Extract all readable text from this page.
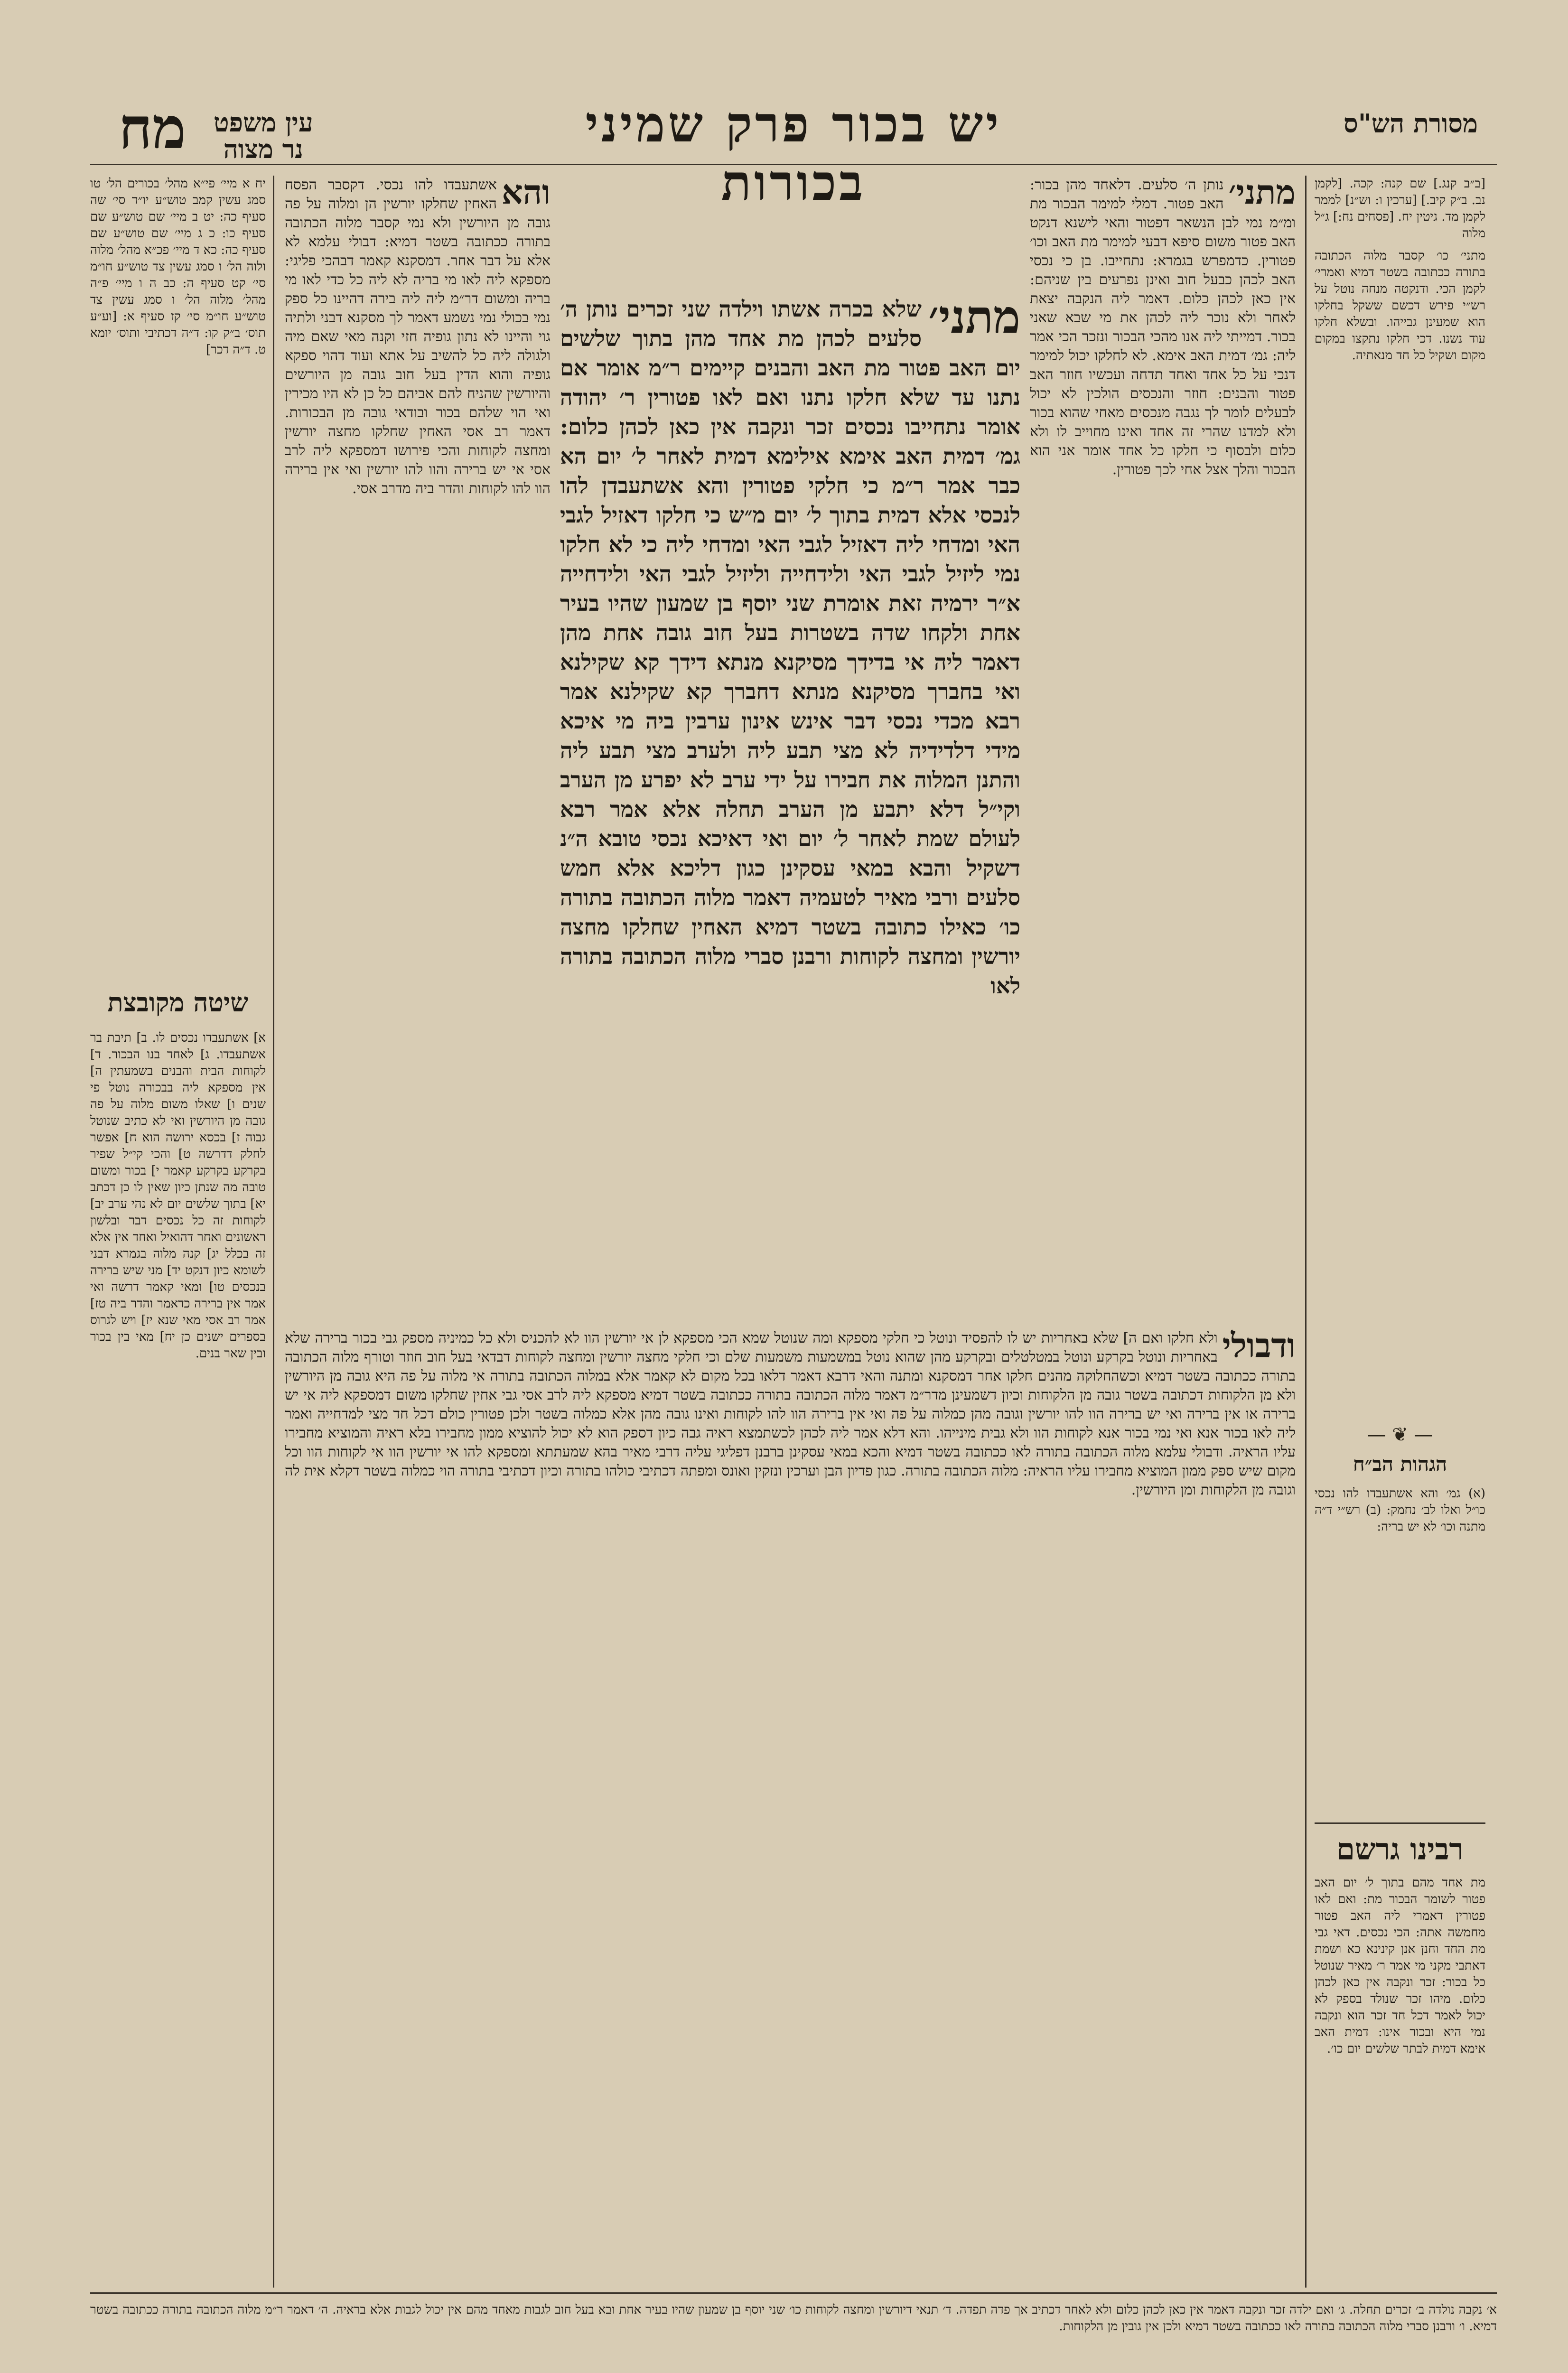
מח	עין משפט
נר מצוה	יש בכור פרק שמיני בכורות
מסורת הש"ס

יח א מיי׳ פי״א מהל׳ בכורים הל׳ טו סמג עשין קמב טוש״ע יו״ד סי׳ שה סעיף כה: יט ב מיי׳ שם טוש״ע שם סעיף כו: כ ג מיי׳ שם טוש״ע שם סעיף כה: כא ד מיי׳ פכ״א מהל׳ מלוה ולוה הל׳ ו סמג עשין צד טוש״ע חו״מ סי׳ קט סעיף ה: כב ה ו מיי׳ פ״ה מהל׳ מלוה הל׳ ו סמג עשין צד טוש״ע חו״מ סי׳ קז סעיף א: [וע״ע תוס׳ ב״ק קו: ד״ה דכתיבי ותוס׳ יומא ט. ד״ה דכר]

שיטה מקובצת

א] אשתעבדו נכסים לו. ב] תיבת בר אשתעבדו. ג] לאחד בנו הבכור. ד] לקוחות הבית והבנים בשמעתין ה] אין מספקא ליה בבכורה נוטל פי שנים ו] שאלו משום מלוה על פה גובה מן היורשין ואי לא כתיב שנוטל גבוה ז] בכסא ירושה הוא ח] אפשר לחלק דדרשה ט] והכי קי״ל שפיר בקרקע בקרקע קאמר י] בכור ומשום טובה מה שנתן כיון שאין לו כן דכתב יא] בתוך שלשים יום לא נהי ערב יב] לקוחות זה כל נכסים דבר ובלשון ראשונים ואחר דהואיל ואחד אין אלא זה בכלל יג] קנה מלוה בגמרא דבני לשומא כיון דנקט יד] מני שיש ברירה בנכסים טו] ומאי קאמר דרשה ואי אמר אין ברירה כדאמר והדר ביה טז] אמר רב אסי מאי שנא יז] ויש לגרוס בספרים ישנים כן יח] מאי בין בכור ובין שאר בנים.

והא

אשתעבדו להו נכסי. דקסבר הפסח האחין שחלקו יורשין הן ומלוה על פה גובה מן היורשין ולא נמי קסבר מלוה הכתובה בתורה ככתובה בשטר דמיא: דבולי עלמא לא אלא על דבר אחר. דמסקנא קאמר דבהכי פליגי: מספקא ליה לאו מי בריה לא ליה כל כדי לאו מי בריה ומשום דר״מ ליה ליה בירה דהיינו כל ספק נמי בכולי נמי נשמע דאמר לך מסקנא דבני ולתיה גוי והיינו לא נתון גופיה חזי וקנה מאי שאם מיה ולגולה ליה כל להשיב על אתא ועוד דהוי ספקא גופיה והוא הדין בעל חוב גובה מן היורשים והיורשין שהניח להם אביהם כל כן לא היו מכירין ואי הוי שלהם בכור ובודאי גובה מן הבכורות. דאמר רב אסי האחין שחלקו מחצה יורשין ומחצה לקוחות והכי פירושו דמספקא ליה לרב אסי אי יש ברירה והוו להו יורשין ואי אין ברירה הוו להו לקוחות והדר ביה מדרב אסי.

מתני׳

שלא בכרה אשתו וילדה שני זכרים נותן ה׳ סלעים לכהן מת אחד מהן בתוך שלשים יום האב פטור מת האב והבנים קיימים ר״מ אומר אם נתנו עד שלא חלקו נתנו ואם לאו פטורין ר׳ יהודה אומר נתחייבו נכסים זכר ונקבה אין כאן לכהן כלום: גמ׳ דמית האב אימא אילימא דמית לאחר ל׳ יום הא כבר אמר ר״מ כי חלקי פטורין והא אשתעבדן להו לנכסי אלא דמית בתוך ל׳ יום מ״ש כי חלקו דאזיל לגבי האי ומדחי ליה דאזיל לגבי האי ומדחי ליה כי לא חלקו נמי ליזיל לגבי האי ולידחייה וליזיל לגבי האי ולידחייה א״ר ירמיה זאת אומרת שני יוסף בן שמעון שהיו בעיר אחת ולקחו שדה בשטרות בעל חוב גובה אחת מהן דאמר ליה אי בדידך מסיקנא מנתא דידך קא שקילנא ואי בחברך מסיקנא מנתא דחברך קא שקילנא אמר רבא מכדי נכסי דבר אינש אינון ערבין ביה מי איכא מידי דלדידיה לא מצי תבע ליה ולערב מצי תבע ליה והתנן המלוה את חבירו על ידי ערב לא יפרע מן הערב וקי״ל דלא יתבע מן הערב תחלה אלא אמר רבא לעולם שמת לאחר ל׳ יום ואי דאיכא נכסי טובא ה״נ דשקיל והבא במאי עסקינן כגון דליכא אלא חמש סלעים ורבי מאיר לטעמיה דאמר מלוה הכתובה בתורה כו׳ כאילו כתובה בשטר דמיא האחין שחלקו מחצה יורשין ומחצה לקוחות ורבנן סברי מלוה הכתובה בתורה לאו

מתני׳

נותן ה׳ סלעים. דלאחד מהן בכור: האב פטור. דמלי למימר הבכור מת ומ״מ נמי לבן הנשאר דפטור והאי לישנא דנקט האב פטור משום סיפא דבעי למימר מת האב וכו׳ פטורין. כדמפרש בגמרא: נתחייבו. בן כי נכסי האב לכהן כבעל חוב ואינן נפרעים בין שניהם: אין כאן לכהן כלום. דאמר ליה הנקבה יצאת לאחר ולא נוכר ליה לכהן את מי שבא שאני בכור. דמייתי ליה אנו מהכי הבכור ונזכר הכי אמר ליה: גמ׳ דמית האב אימא. לא לחלקו יכול למימר דנכי על כל אחד ואחד תדחה ועכשיו חוזר האב פטור והבנים: חוזר והנכסים הולכין לא יכול לבעלים לומר לך נגבה מנכסים מאחי שהוא בכור ולא למדנו שהרי זה אחד ואינו מחוייב לו ולא כלום ולבסוף כי חלקו כל אחד אומר אני הוא הבכור והלך אצל אחי לכך פטורין.

[ב״ב קנג.] שם קנה: קכה. [לקמן נב. ב״ק קיב.] [ערכין ו: וש״נ] לממר לקמן מד. גיטין יח. [פסחים נח:] ג״ל מלוה

מתני׳ כו׳ קסבר מלוה הכתובה בתורה ככתובה בשטר דמיא ואמרי׳ לקמן הכי. ודנקטה מנחה נוטל על רש״י פירש דכשם ששקל בחלקו הוא שמעינן גבייהו. ובשלא חלקו עוד נשנו. דכי חלקו נתקצו במקום מקום ושקיל כל חד מנאתיה.

— ❦ —
הגהות הב״ח

(א) גמ׳ והא אשתעבדו להו נכסי כו״ל ואלו לב׳ נחמק: (ב) רש״י ד״ה מתנה וכו׳ לא יש בריה:

רבינו גרשם

מת אחד מהם בתוך ל׳ יום האב פטור לשומר הבכור מת: ואם לאו פטורין דאמרי ליה האב פטור מחמשה אתה: הכי נכסים. דאי גבי מת החד וחנן אנן קינינא כא ושמת דאתבי מקני מי אמר ר׳ מאיר שנוטל כל בכור: זכר ונקבה אין כאן לכהן כלום. מיהו זכר שנולד בספק לא יכול לאמר דכל חד זכר הוא ונקבה נמי היא ובכור אינו: דמית האב אימא דמית לבתר שלשים יום כו׳.

ודבולי

ולא חלקו ואם ה] שלא באחריות יש לו להפסיד ונוטל כי חלקי מספקא ומה שנוטל שמא הכי מספקא לן אי יורשין הוו לא להכניס ולא כל כמיניה מספק גבי בכור ברירה שלא באחריות ונוטל בקרקע ונוטל במטלטלים ובקרקע מהן שהוא נוטל במשמעות משמעות שלם וכי חלקי מחצה יורשין ומחצה לקוחות דבדאי בעל חוב חוזר וטורף מלוה הכתובה בתורה ככתובה בשטר דמיא וכשהחלוקה מהנים חלקו אחר דמסקנא ומתנה והאי דרבא דאמר דלאו בכל מקום לא קאמר אלא במלוה הכתובה בתורה אי מלוה על פה היא גובה מן היורשין ולא מן הלקוחות דכתובה בשטר גובה מן הלקוחות וכיון דשמעינן מדר״מ דאמר מלוה הכתובה בתורה ככתובה בשטר דמיא מספקא ליה לרב אסי גבי אחין שחלקו משום דמספקא ליה אי יש ברירה או אין ברירה ואי יש ברירה הוו להו יורשין וגובה מהן כמלוה על פה ואי אין ברירה הוו להו לקוחות ואינו גובה מהן אלא כמלוה בשטר ולכן פטורין כולם דכל חד מצי למדחייה ואמר ליה לאו בכור אנא ואי נמי בכור אנא לקוחות הוו ולא גבית מינייהו. והא דלא אמר ליה לכהן לכשתמצא ראיה גבה כיון דספק הוא לא יכול להוציא ממון מחבירו בלא ראיה והמוציא מחבירו עליו הראיה. ודבולי עלמא מלוה הכתובה בתורה לאו ככתובה בשטר דמיא והכא במאי עסקינן ברבנן דפליגי עליה דרבי מאיר בהא שמעתתא ומספקא להו אי יורשין הוו אי לקוחות הוו וכל מקום שיש ספק ממון המוציא מחבירו עליו הראיה: מלוה הכתובה בתורה. כגון פדיון הבן וערכין ונזקין ואונס ומפתה דכתיבי כולהו בתורה וכיון דכתיבי בתורה הוי כמלוה בשטר דקלא אית לה וגובה מן הלקוחות ומן היורשין.

א׳ נקבה נולדה ב׳ זכרים תחלה. ג׳ ואם ילדה זכר ונקבה דאמר אין כאן לכהן כלום ולא לאחר דכתיב אך פדה תפדה. ד׳ תנאי דיורשין ומחצה לקוחות כו׳ שני יוסף בן שמעון שהיו בעיר אחת ובא בעל חוב לגבות מאחד מהם אין יכול לגבות אלא בראיה. ה׳ דאמר ר״מ מלוה הכתובה בתורה ככתובה בשטר דמיא. ו׳ ורבנן סברי מלוה הכתובה בתורה לאו ככתובה בשטר דמיא ולכן אין גובין מן הלקוחות.
